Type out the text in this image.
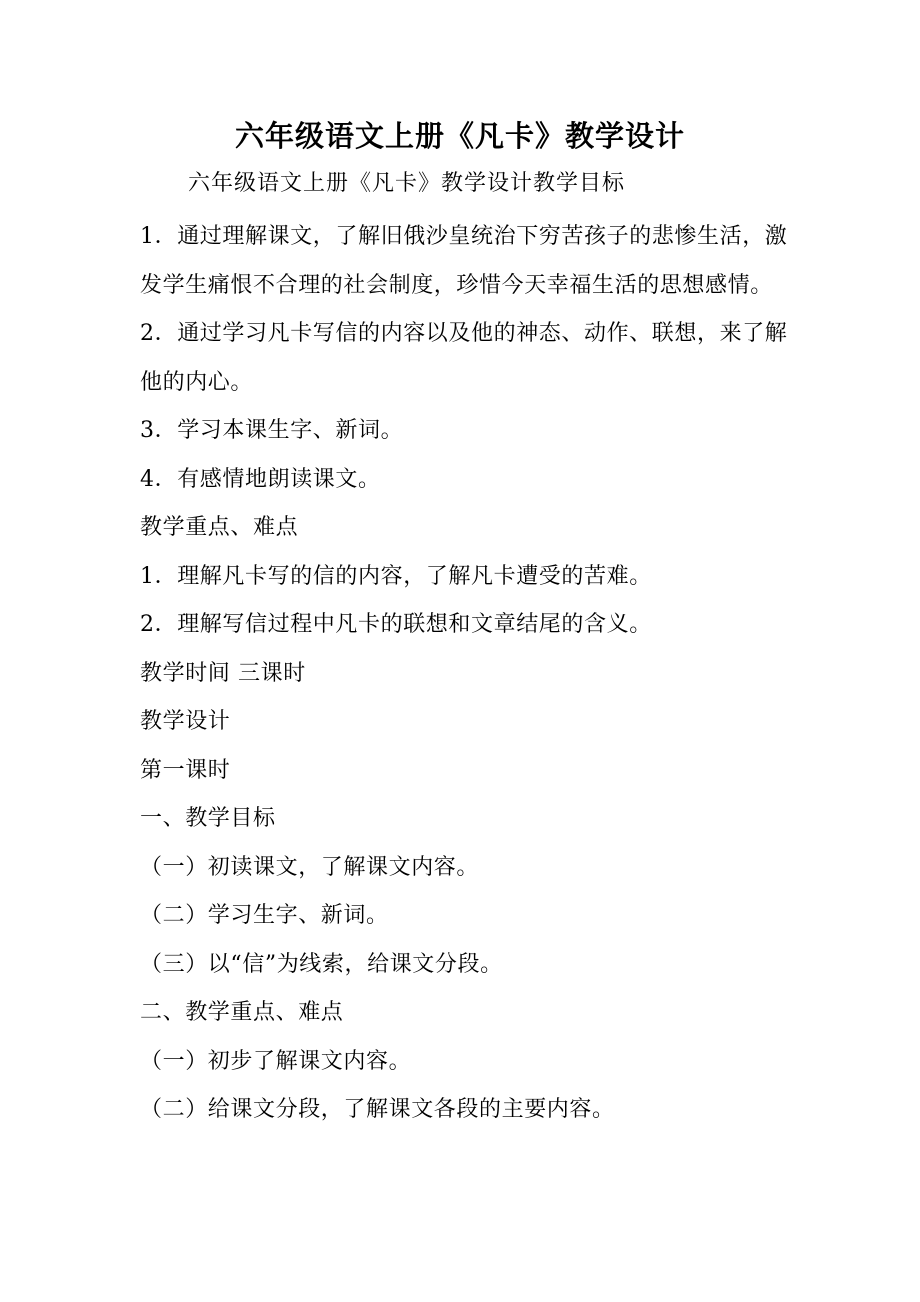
六年级语文上册《凡卡》教学设计

六年级语文上册《凡卡》教学设计教学目标

1．通过理解课文，了解旧俄沙皇统治下穷苦孩子的悲惨生活，激发学生痛恨不合理的社会制度，珍惜今天幸福生活的思想感情。

2．通过学习凡卡写信的内容以及他的神态、动作、联想，来了解他的内心。

3．学习本课生字、新词。

4．有感情地朗读课文。

教学重点、难点

1．理解凡卡写的信的内容，了解凡卡遭受的苦难。

2．理解写信过程中凡卡的联想和文章结尾的含义。

教学时间 三课时

教学设计

第一课时

一、教学目标

（一）初读课文，了解课文内容。

（二）学习生字、新词。

（三）以“信”为线索，给课文分段。

二、教学重点、难点

（一）初步了解课文内容。

（二）给课文分段，了解课文各段的主要内容。
